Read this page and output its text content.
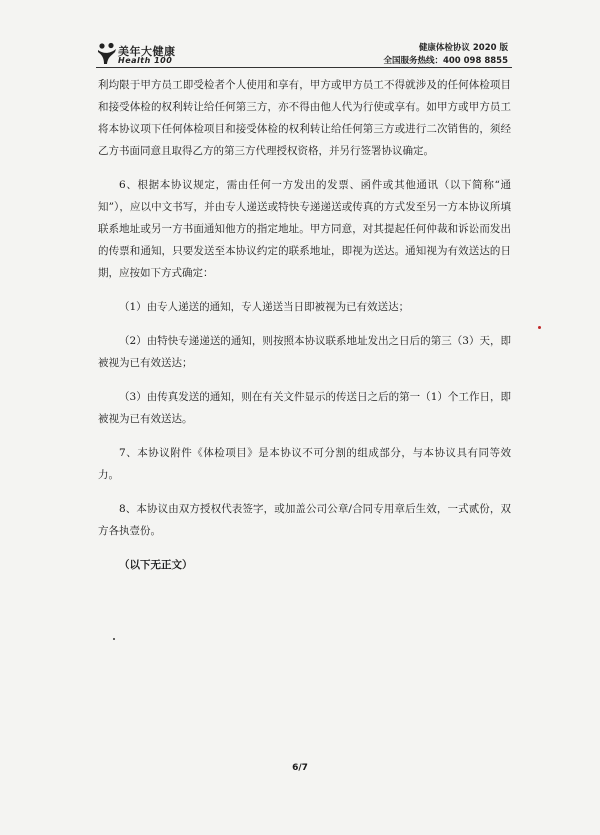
美年大健康
Health 100
健康体检协议 2020 版
全国服务热线：400 098 8855

利均限于甲方员工即受检者个人使用和享有，甲方或甲方员工不得就涉及的任何体检项目和接受体检的权利转让给任何第三方，亦不得由他人代为行使或享有。如甲方或甲方员工将本协议项下任何体检项目和接受体检的权利转让给任何第三方或进行二次销售的，须经乙方书面同意且取得乙方的第三方代理授权资格，并另行签署协议确定。

6、根据本协议规定，需由任何一方发出的发票、函件或其他通讯（以下简称“通知”），应以中文书写，并由专人递送或特快专递递送或传真的方式发至另一方本协议所填联系地址或另一方书面通知他方的指定地址。甲方同意，对其提起任何仲裁和诉讼而发出的传票和通知，只要发送至本协议约定的联系地址，即视为送达。通知视为有效送达的日期，应按如下方式确定：

（1）由专人递送的通知，专人递送当日即被视为已有效送达；

（2）由特快专递递送的通知，则按照本协议联系地址发出之日后的第三（3）天，即被视为已有效送达；

（3）由传真发送的通知，则在有关文件显示的传送日之后的第一（1）个工作日，即被视为已有效送达。

7、本协议附件《体检项目》是本协议不可分割的组成部分，与本协议具有同等效力。

8、本协议由双方授权代表签字，或加盖公司公章/合同专用章后生效，一式贰份，双方各执壹份。

（以下无正文）

6/7
